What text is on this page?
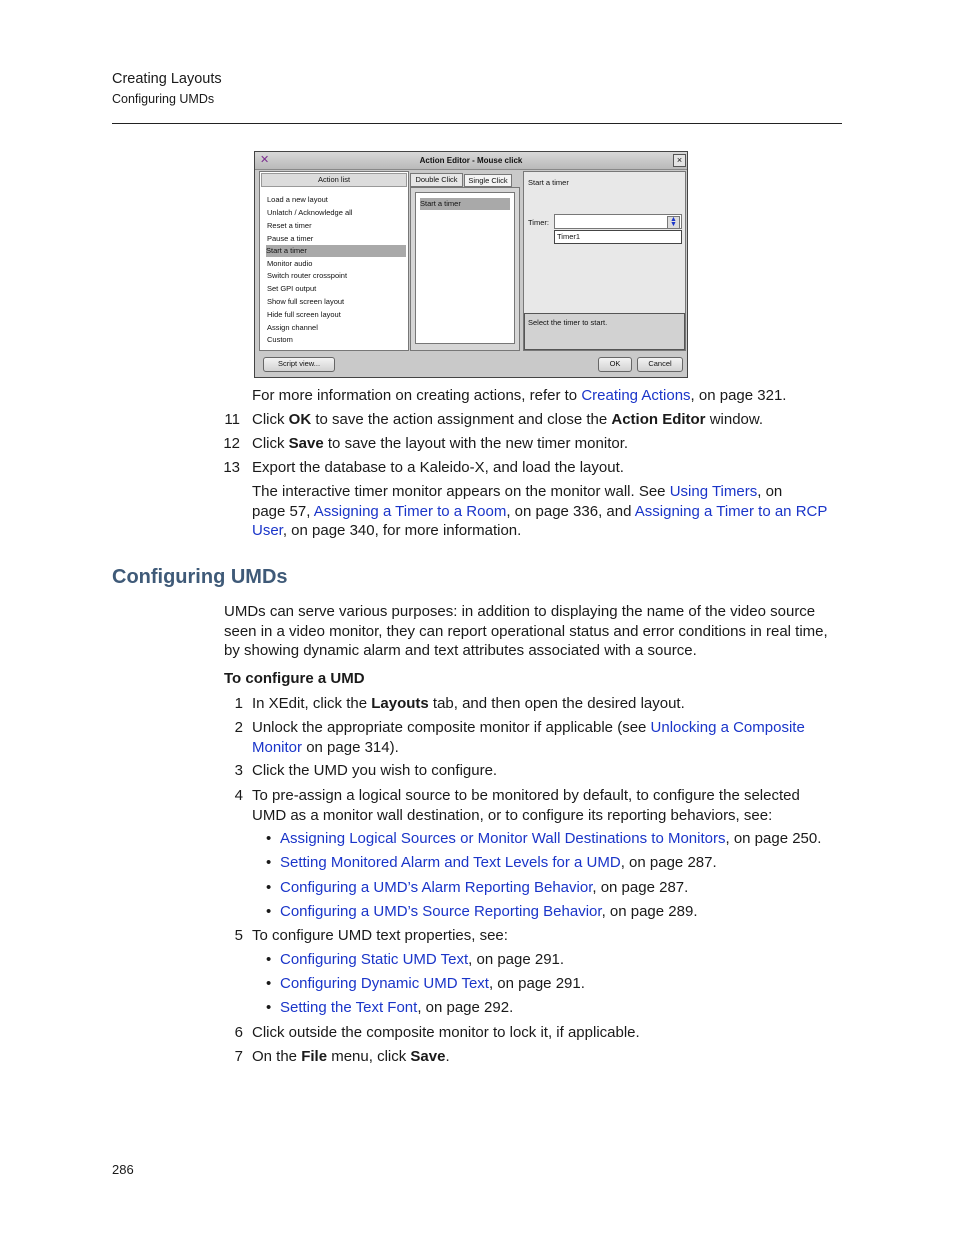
Creating Layouts
Configuring UMDs
✕	Action Editor - Mouse click	×
Action list
Load a new layout
Unlatch / Acknowledge all
Reset a timer
Pause a timer
Start a timer
Monitor audio
Switch router crosspoint
Set GPI output
Show full screen layout
Hide full screen layout
Assign channel
Custom
Double Click	Single Click
Start a timer
Start a timer
Timer:	▲
▼
Timer1
Select the timer to start.
Script view...	OK	Cancel
For more information on creating actions, refer to Creating Actions, on page 321.
11 Click OK to save the action assignment and close the Action Editor window.
12 Click Save to save the layout with the new timer monitor.
13 Export the database to a Kaleido-X, and load the layout.
The interactive timer monitor appears on the monitor wall. See Using Timers, on
page 57, Assigning a Timer to a Room, on page 336, and Assigning a Timer to an RCP
User, on page 340, for more information.
Configuring UMDs
UMDs can serve various purposes: in addition to displaying the name of the video source
seen in a video monitor, they can report operational status and error conditions in real time,
by showing dynamic alarm and text attributes associated with a source.
To configure a UMD
1 In XEdit, click the Layouts tab, and then open the desired layout.
2 Unlock the appropriate composite monitor if applicable (see Unlocking a Composite
Monitor on page 314).
3 Click the UMD you wish to configure.
4 To pre-assign a logical source to be monitored by default, to configure the selected
UMD as a monitor wall destination, or to configure its reporting behaviors, see:
• Assigning Logical Sources or Monitor Wall Destinations to Monitors, on page 250.
• Setting Monitored Alarm and Text Levels for a UMD, on page 287.
• Configuring a UMD’s Alarm Reporting Behavior, on page 287.
• Configuring a UMD’s Source Reporting Behavior, on page 289.
5 To configure UMD text properties, see:
• Configuring Static UMD Text, on page 291.
• Configuring Dynamic UMD Text, on page 291.
• Setting the Text Font, on page 292.
6 Click outside the composite monitor to lock it, if applicable.
7 On the File menu, click Save.
286
